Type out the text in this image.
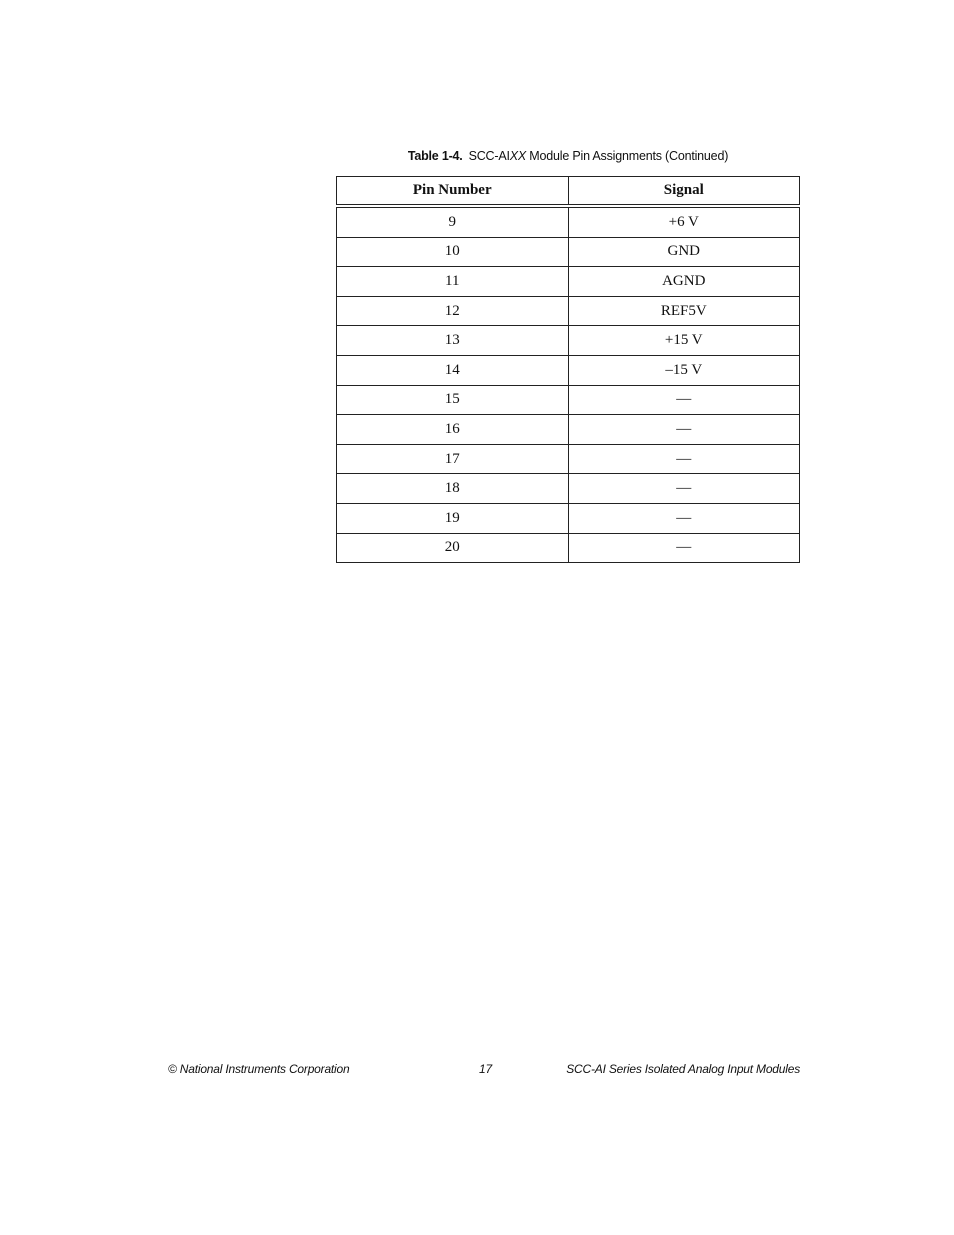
Table 1-4. SCC-AIXX Module Pin Assignments (Continued)
Pin Number	Signal
9	+6 V
10	GND
11	AGND
12	REF5V
13	+15 V
14	–15 V
15	—
16	—
17	—
18	—
19	—
20	—
© National Instruments Corporation	17	SCC-AI Series Isolated Analog Input Modules
